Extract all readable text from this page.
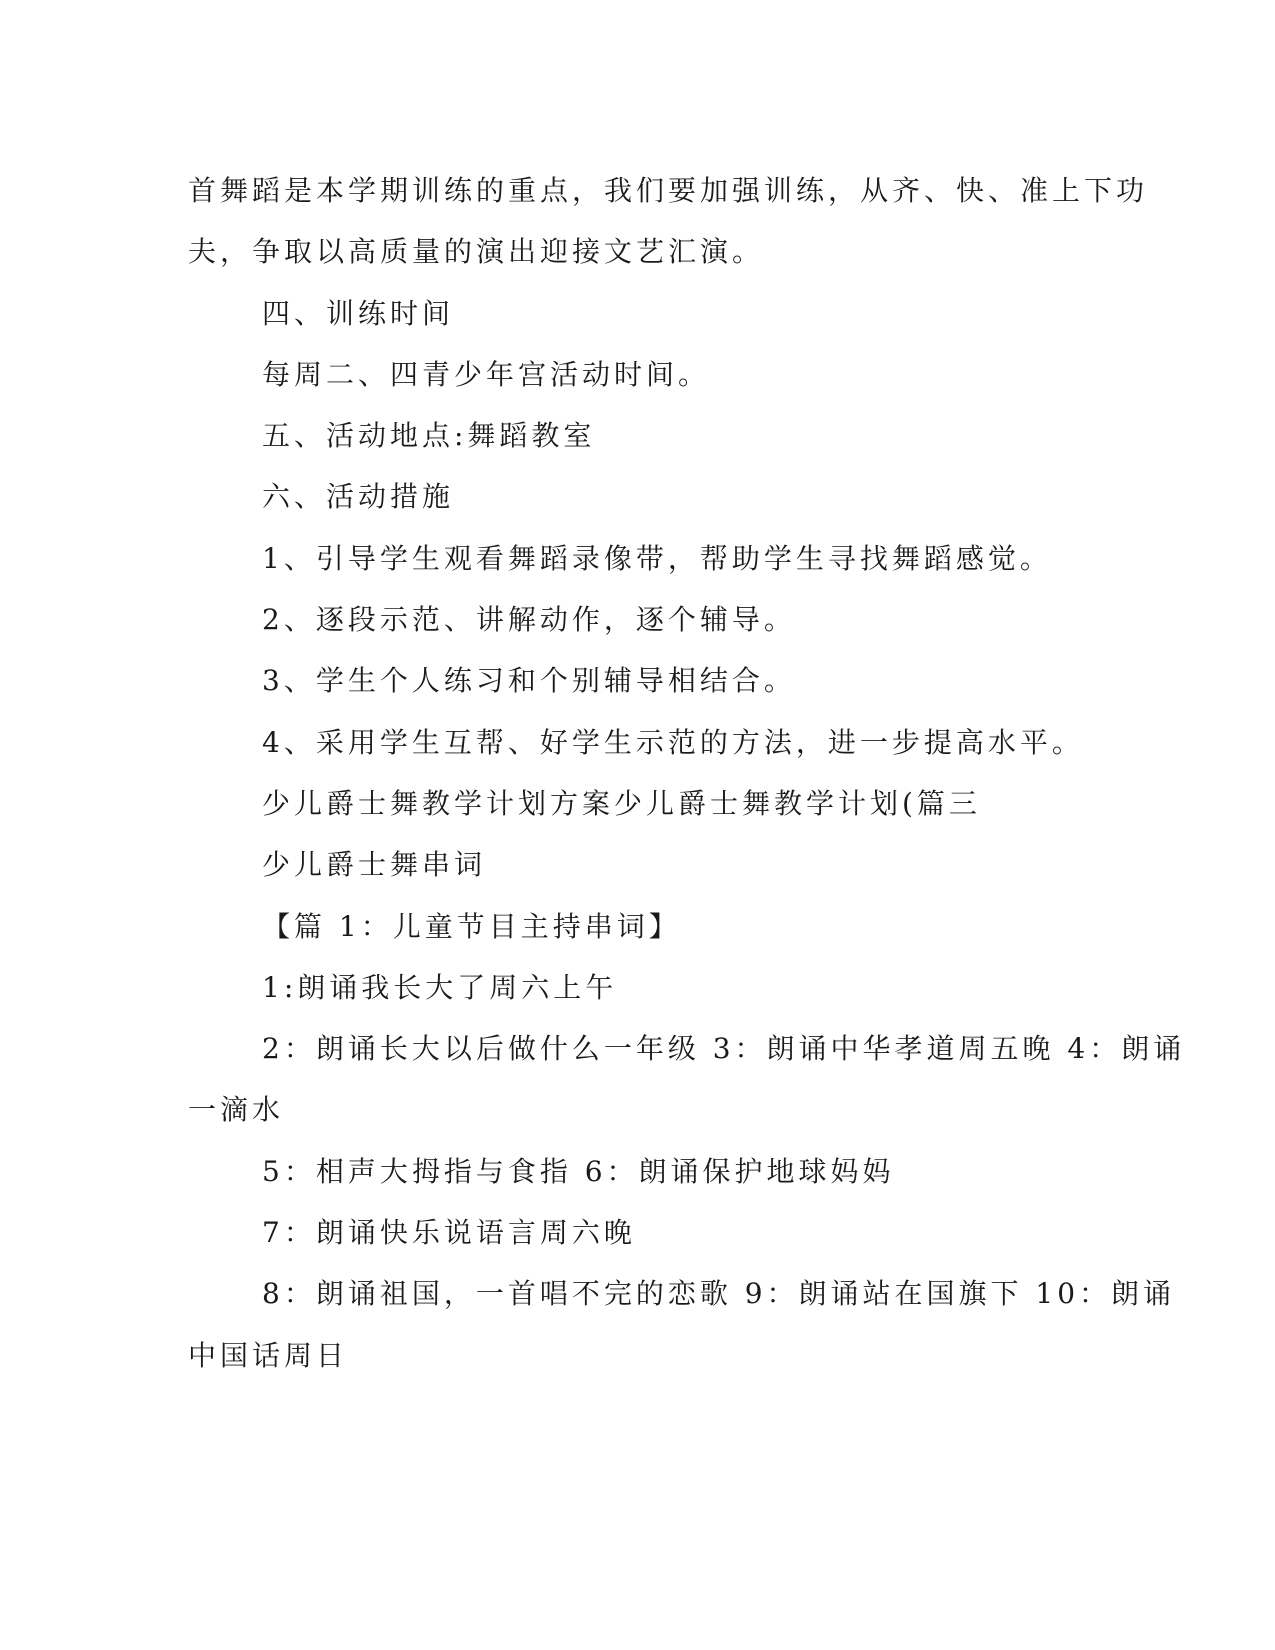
首舞蹈是本学期训练的重点，我们要加强训练，从齐、快、准上下功
夫，争取以高质量的演出迎接文艺汇演。
四、训练时间
每周二、四青少年宫活动时间。
五、活动地点:舞蹈教室
六、活动措施
1、引导学生观看舞蹈录像带，帮助学生寻找舞蹈感觉。
2、逐段示范、讲解动作，逐个辅导。
3、学生个人练习和个别辅导相结合。
4、采用学生互帮、好学生示范的方法，进一步提高水平。
少儿爵士舞教学计划方案少儿爵士舞教学计划(篇三
少儿爵士舞串词
【篇 1：儿童节目主持串词】
1:朗诵我长大了周六上午
2：朗诵长大以后做什么一年级 3：朗诵中华孝道周五晚 4：朗诵
一滴水
5：相声大拇指与食指 6：朗诵保护地球妈妈
7：朗诵快乐说语言周六晚
8：朗诵祖国，一首唱不完的恋歌 9：朗诵站在国旗下 10：朗诵
中国话周日
